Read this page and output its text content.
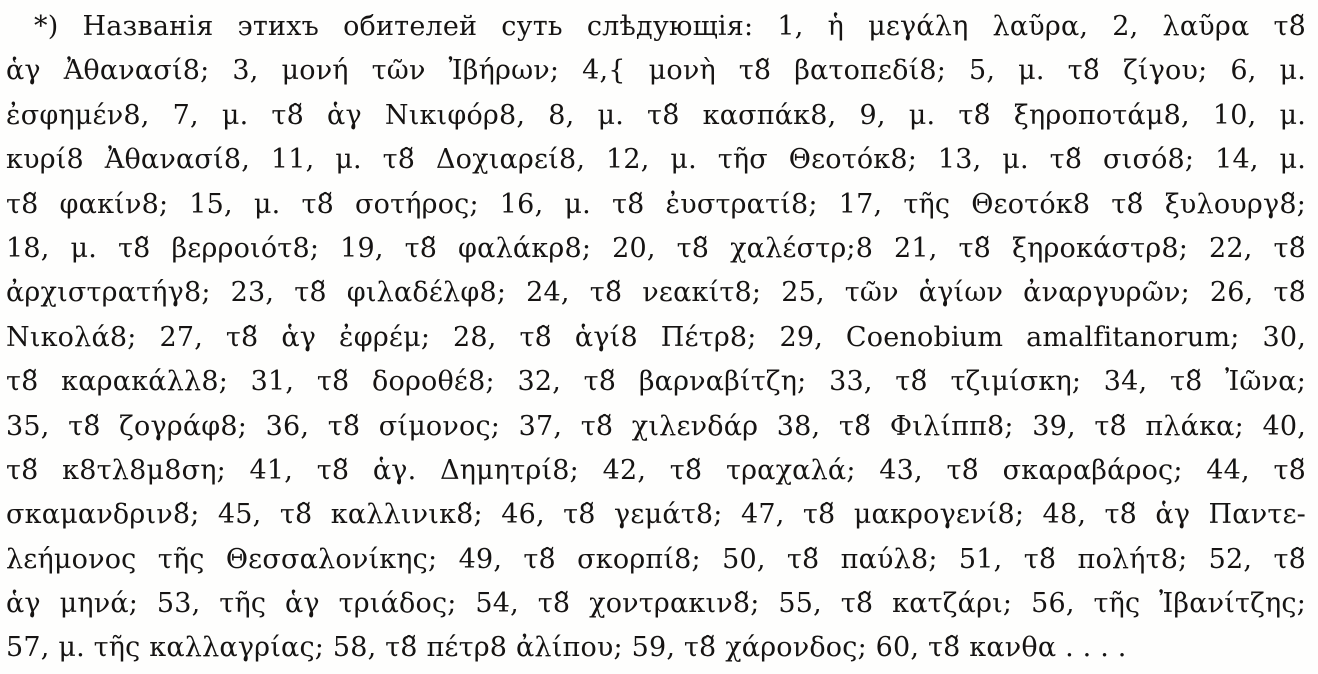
*) Названія этихъ обителей суть слѣдующія: 1, ἡ μεγάλη λαῦρα, 2, λαῦρα τ8̃
ἁγ Ἀθανασί8; 3, μονή τῶν Ἰβήρων; 4,{ μονὴ τ8̃ βατοπεδί8; 5, μ. τ8̃ ζίγου; 6, μ.
ἐσφημέν8, 7, μ. τ8̃ ἁγ Νικιφόρ8, 8, μ. τ8̃ κασπάκ8, 9, μ. τ8̃ ξηροποτάμ8, 10, μ.
κυρί8 Ἀθανασί8, 11, μ. τ8̃ Δοχιαρεί8, 12, μ. τῆσ Θεοτόκ8; 13, μ. τ8̃ σισό8; 14, μ.
τ8̃ φακίν8; 15, μ. τ8̃ σοτήρος; 16, μ. τ8̃ ἐυστρατί8; 17, τῆς Θεοτόκ8 τ8̃ ξυλουργ8̃;
18, μ. τ8̃ βερροιότ8; 19, τ8̃ φαλάκρ8; 20, τ8̃ χαλέστρ;8 21, τ8̃ ξηροκάστρ8; 22, τ8̃
ἀρχιστρατήγ8; 23, τ8̃ φιλαδέλφ8; 24, τ8̃ νεακίτ8; 25, τῶν ἁγίων ἀναργυρῶν; 26, τ8̃
Νικολά8; 27, τ8̃ ἁγ ἐφρέμ; 28, τ8̃ ἁγί8 Πέτρ8; 29, Coenobium amalfitanorum; 30,
τ8̃ καρακάλλ8; 31, τ8̃ δοροθέ8; 32, τ8̃ βαρναβίτζη; 33, τ8̃ τζιμίσκη; 34, τ8̃ Ἰῶνα;
35, τ8̃ ζογράφ8; 36, τ8̃ σίμονος; 37, τ8̃ χιλενδάρ 38, τ8̃ Φιλίππ8; 39, τ8̃ πλάκα; 40,
τ8̃ κ8τλ8μ8ση; 41, τ8̃ ἁγ. Δημητρί8; 42, τ8̃ τραχαλά; 43, τ8̃ σκαραβάρος; 44, τ8̃
σκαμανδριν8̃; 45, τ8̃ καλλινικ8̃; 46, τ8̃ γεμάτ8; 47, τ8̃ μακρογενί8; 48, τ8̃ ἁγ Παντε-
λεήμονος τῆς Θεσσαλονίκης; 49, τ8̃ σκορπί8; 50, τ8̃ παύλ8; 51, τ8̃ πολήτ8; 52, τ8̃
ἁγ μηνά; 53, τῆς ἁγ τριάδος; 54, τ8̃ χοντρακιν8̃; 55, τ8̃ κατζάρι; 56, τῆς Ἰβανίτζης;
57, μ. τῆς καλλαγρίας; 58, τ8̃ πέτρ8 ἀλίπου; 59, τ8̃ χάρονδος; 60, τ8̃ κανθα . . . .
